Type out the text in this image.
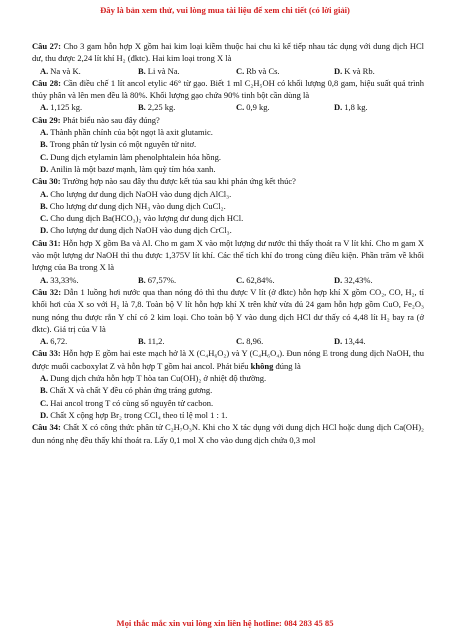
Đây là bản xem thử, vui lòng mua tài liệu để xem chi tiết (có lời giải)

Câu 27: Cho 3 gam hỗn hợp X gồm hai kim loại kiềm thuộc hai chu kì kế tiếp nhau tác dụng với dung dịch HCl dư, thu được 2,24 lít khí H₂ (đktc). Hai kim loại trong X là

A. Na và K.	B. Li và Na.	C. Rb và Cs.	D. K và Rb.

Câu 28: Cần điều chế 1 lít ancol etylic 46° từ gạo. Biết 1 ml C₂H₅OH có khối lượng 0,8 gam, hiệu suất quá trình thủy phân và lên men đều là 80%. Khối lượng gạo chứa 90% tinh bột cần dùng là

A. 1,125 kg.	B. 2,25 kg.	C. 0,9 kg.	D. 1,8 kg.

Câu 29: Phát biểu nào sau đây đúng?

A. Thành phần chính của bột ngọt là axit glutamic.

B. Trong phân tử lysin có một nguyên tử nitơ.

C. Dung dịch etylamin làm phenolphtalein hóa hồng.

D. Anilin là một bazơ mạnh, làm quỳ tím hóa xanh.

Câu 30: Trường hợp nào sau đây thu được kết tủa sau khi phản ứng kết thúc?

A. Cho lượng dư dung dịch NaOH vào dung dịch AlCl₃.

B. Cho lượng dư dung dịch NH₃ vào dung dịch CuCl₂.

C. Cho dung dịch Ba(HCO₃)₂ vào lượng dư dung dịch HCl.

D. Cho lượng dư dung dịch NaOH vào dung dịch CrCl₃.

Câu 31: Hỗn hợp X gồm Ba và Al. Cho m gam X vào một lượng dư nước thì thấy thoát ra V lít khí. Cho m gam X vào một lượng dư NaOH thì thu được 1,375V lít khí. Các thể tích khí đo trong cùng điều kiện. Phần trăm về khối lượng của Ba trong X là

A. 33,33%.	B. 67,57%.	C. 62,84%.	D. 32,43%.

Câu 32: Dẫn 1 luồng hơi nước qua than nóng đỏ thì thu được V lít (ở đktc) hỗn hợp khí X gồm CO₂, CO, H₂, tỉ khối hơi của X so với H₂ là 7,8. Toàn bộ V lít hỗn hợp khí X trên khử vừa đủ 24 gam hỗn hợp gồm CuO, Fe₂O₃ nung nóng thu được rắn Y chỉ có 2 kim loại. Cho toàn bộ Y vào dung dịch HCl dư thấy có 4,48 lít H₂ bay ra (ở đktc). Giá trị của V là

A. 6,72.	B. 11,2.	C. 8,96.	D. 13,44.

Câu 33: Hỗn hợp E gồm hai este mạch hở là X (C₄H₆O₂) và Y (C₄H₆O₄). Đun nóng E trong dung dịch NaOH, thu được muối cacboxylat Z và hỗn hợp T gồm hai ancol. Phát biểu không đúng là

A. Dung dịch chứa hỗn hợp T hòa tan Cu(OH)₂ ở nhiệt độ thường.

B. Chất X và chất Y đều có phản ứng tráng gương.

C. Hai ancol trong T có cùng số nguyên tử cacbon.

D. Chất X cộng hợp Br₂ trong CCl₄ theo tỉ lệ mol 1 : 1.

Câu 34: Chất X có công thức phân tử C₂H₇O₃N. Khi cho X tác dụng với dung dịch HCl hoặc dung dịch Ca(OH)₂ đun nóng nhẹ đều thấy khí thoát ra. Lấy 0,1 mol X cho vào dung dịch chứa 0,3 mol

Mọi thắc mắc xin vui lòng xin liên hệ hotline: 084 283 45 85
